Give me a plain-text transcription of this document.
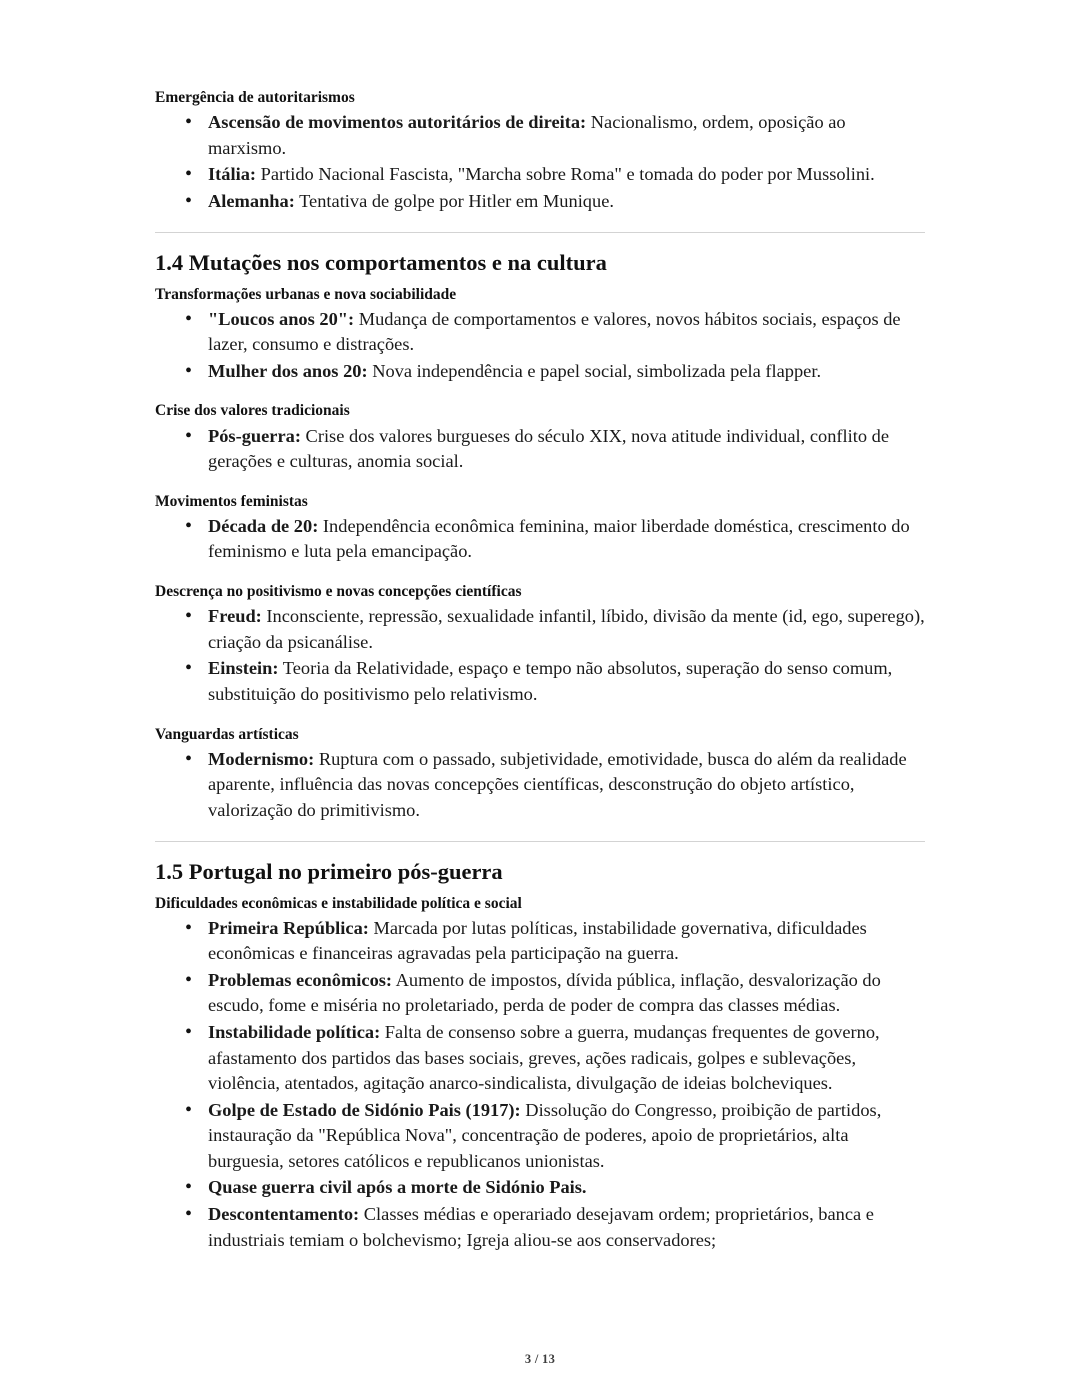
Emergência de autoritarismos

• Ascensão de movimentos autoritários de direita: Nacionalismo, ordem, oposição ao marxismo.
• Itália: Partido Nacional Fascista, "Marcha sobre Roma" e tomada do poder por Mussolini.
• Alemanha: Tentativa de golpe por Hitler em Munique.
1.4 Mutações nos comportamentos e na cultura

Transformações urbanas e nova sociabilidade

• "Loucos anos 20": Mudança de comportamentos e valores, novos hábitos sociais, espaços de lazer, consumo e distrações.
• Mulher dos anos 20: Nova independência e papel social, simbolizada pela flapper.

Crise dos valores tradicionais

• Pós-guerra: Crise dos valores burgueses do século XIX, nova atitude individual, conflito de gerações e culturas, anomia social.

Movimentos feministas

• Década de 20: Independência econômica feminina, maior liberdade doméstica, crescimento do feminismo e luta pela emancipação.

Descrença no positivismo e novas concepções científicas

• Freud: Inconsciente, repressão, sexualidade infantil, líbido, divisão da mente (id, ego, superego), criação da psicanálise.
• Einstein: Teoria da Relatividade, espaço e tempo não absolutos, superação do senso comum, substituição do positivismo pelo relativismo.

Vanguardas artísticas

• Modernismo: Ruptura com o passado, subjetividade, emotividade, busca do além da realidade aparente, influência das novas concepções científicas, desconstrução do objeto artístico, valorização do primitivismo.
1.5 Portugal no primeiro pós-guerra

Dificuldades econômicas e instabilidade política e social

• Primeira República: Marcada por lutas políticas, instabilidade governativa, dificuldades econômicas e financeiras agravadas pela participação na guerra.
• Problemas econômicos: Aumento de impostos, dívida pública, inflação, desvalorização do escudo, fome e miséria no proletariado, perda de poder de compra das classes médias.
• Instabilidade política: Falta de consenso sobre a guerra, mudanças frequentes de governo, afastamento dos partidos das bases sociais, greves, ações radicais, golpes e sublevações, violência, atentados, agitação anarco-sindicalista, divulgação de ideias bolcheviques.
• Golpe de Estado de Sidónio Pais (1917): Dissolução do Congresso, proibição de partidos, instauração da "República Nova", concentração de poderes, apoio de proprietários, alta burguesia, setores católicos e republicanos unionistas.
• Quase guerra civil após a morte de Sidónio Pais.
• Descontentamento: Classes médias e operariado desejavam ordem; proprietários, banca e industriais temiam o bolchevismo; Igreja aliou-se aos conservadores;
3 / 13
